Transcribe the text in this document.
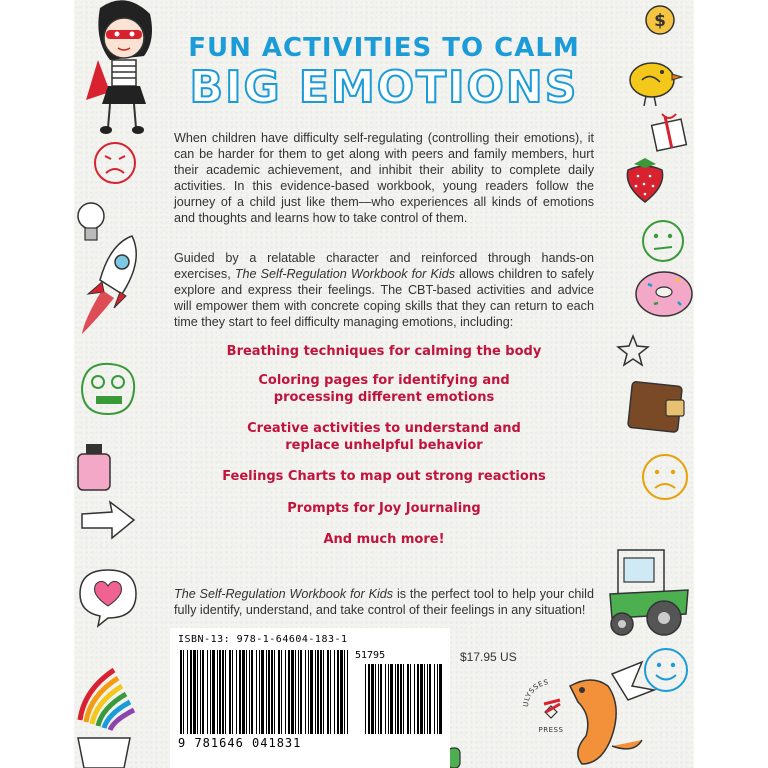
$
ULYSSES
PRESS
FUN ACTIVITIES TO CALM
BIG EMOTIONS

When children have difficulty self-regulating (controlling their emotions), it can be harder for them to get along with peers and family members, hurt their academic achievement, and inhibit their ability to complete daily activities. In this evidence-based workbook, young readers follow the journey of a child just like them—who experiences all kinds of emotions and thoughts and learns how to take control of them.

Guided by a relatable character and reinforced through hands-on exercises, The Self-Regulation Workbook for Kids allows children to safely explore and express their feelings. The CBT-based activities and advice will empower them with concrete coping skills that they can return to each time they start to feel difficulty managing emotions, including:

Breathing techniques for calming the body
Coloring pages for identifying and
processing different emotions
Creative activities to understand and
replace unhelpful behavior
Feelings Charts to map out strong reactions
Prompts for Joy Journaling
And much more!

The Self-Regulation Workbook for Kids is the perfect tool to help your child fully identify, understand, and take control of their feelings in any situation!

ISBN-13: 978-1-64604-183-1
51795
9 781646 041831
$17.95 US
